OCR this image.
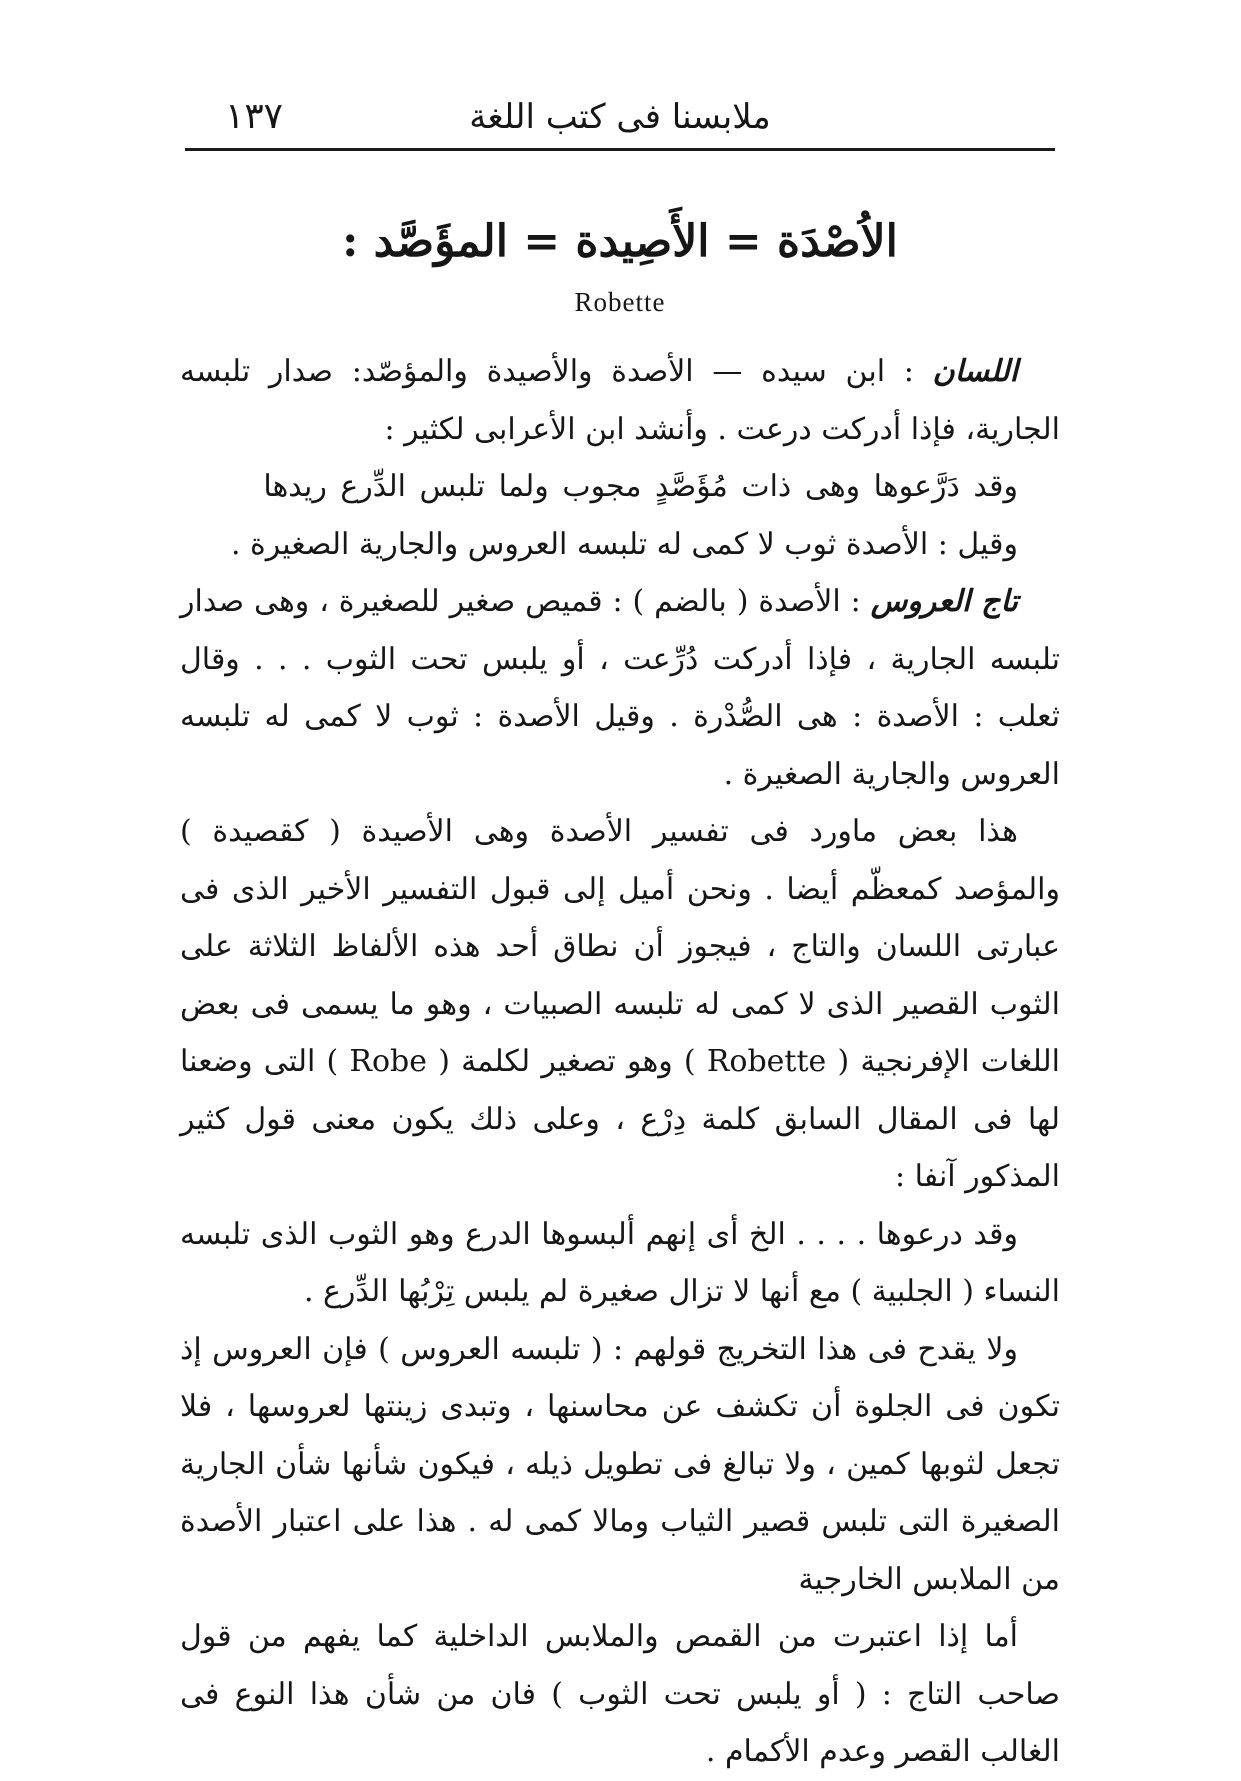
ملابسنا فى كتب اللغة
١٣٧
الاُصْدَة = الأَصِيدة = المؤَصَّد :
Robette

اللسان : ابن سيده — الأصدة والأصيدة والمؤصّد: صدار تلبسه الجارية، فإذا أدركت درعت . وأنشد ابن الأعرابى لكثير :

وقد دَرَّعوها وهى ذات مُؤَصَّدٍ مجوب ولما تلبس الدِّرع ريدها

وقيل : الأصدة ثوب لا كمى له تلبسه العروس والجارية الصغيرة .

تاج العروس : الأصدة ( بالضم ) : قميص صغير للصغيرة ، وهى صدار تلبسه الجارية ، فإذا أدركت دُرِّعت ، أو يلبس تحت الثوب . . . وقال ثعلب : الأصدة : هى الصُّدْرة . وقيل الأصدة : ثوب لا كمى له تلبسه العروس والجارية الصغيرة .

هذا بعض ماورد فى تفسير الأصدة وهى الأصيدة ( كقصيدة ) والمؤصد كمعظّم أيضا . ونحن أميل إلى قبول التفسير الأخير الذى فى عبارتى اللسان والتاج ، فيجوز أن نطاق أحد هذه الألفاظ الثلاثة على الثوب القصير الذى لا كمى له تلبسه الصبيات ، وهو ما يسمى فى بعض اللغات الإفرنجية ( Robette ) وهو تصغير لكلمة ( Robe ) التى وضعنا لها فى المقال السابق كلمة دِرْع ، وعلى ذلك يكون معنى قول كثير المذكور آنفا :

وقد درعوها . . . . الخ أى إنهم ألبسوها الدرع وهو الثوب الذى تلبسه النساء ( الجلبية ) مع أنها لا تزال صغيرة لم يلبس تِرْبُها الدِّرع .

ولا يقدح فى هذا التخريج قولهم : ( تلبسه العروس ) فإن العروس إذ تكون فى الجلوة أن تكشف عن محاسنها ، وتبدى زينتها لعروسها ، فلا تجعل لثوبها كمين ، ولا تبالغ فى تطويل ذيله ، فيكون شأنها شأن الجارية الصغيرة التى تلبس قصير الثياب ومالا كمى له . هذا على اعتبار الأصدة من الملابس الخارجية

أما إذا اعتبرت من القمص والملابس الداخلية كما يفهم من قول صاحب التاج : ( أو يلبس تحت الثوب ) فان من شأن هذا النوع فى الغالب القصر وعدم الأكمام .
